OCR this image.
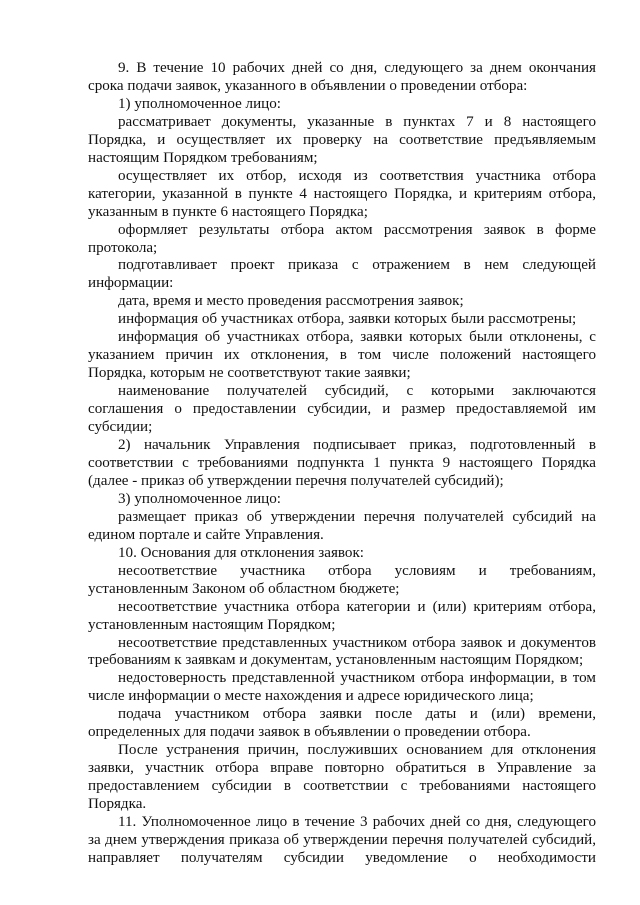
9. В течение 10 рабочих дней со дня, следующего за днем окончания срока подачи заявок, указанного в объявлении о проведении отбора:

1) уполномоченное лицо:

рассматривает документы, указанные в пунктах 7 и 8 настоящего Порядка, и осуществляет их проверку на соответствие предъявляемым настоящим Порядком требованиям;

осуществляет их отбор, исходя из соответствия участника отбора категории, указанной в пункте 4 настоящего Порядка, и критериям отбора, указанным в пункте 6 настоящего Порядка;

оформляет результаты отбора актом рассмотрения заявок в форме протокола;

подготавливает проект приказа с отражением в нем следующей информации:

дата, время и место проведения рассмотрения заявок;

информация об участниках отбора, заявки которых были рассмотрены;

информация об участниках отбора, заявки которых были отклонены, с указанием причин их отклонения, в том числе положений настоящего Порядка, которым не соответствуют такие заявки;

наименование получателей субсидий, с которыми заключаются соглашения о предоставлении субсидии, и размер предоставляемой им субсидии;

2) начальник Управления подписывает приказ, подготовленный в соответствии с требованиями подпункта 1 пункта 9 настоящего Порядка (далее - приказ об утверждении перечня получателей субсидий);

3) уполномоченное лицо:

размещает приказ об утверждении перечня получателей субсидий на едином портале и сайте Управления.

10. Основания для отклонения заявок:

несоответствие участника отбора условиям и требованиям, установленным Законом об областном бюджете;

несоответствие участника отбора категории и (или) критериям отбора, установленным настоящим Порядком;

несоответствие представленных участником отбора заявок и документов требованиям к заявкам и документам, установленным настоящим Порядком;

недостоверность представленной участником отбора информации, в том числе информации о месте нахождения и адресе юридического лица;

подача участником отбора заявки после даты и (или) времени, определенных для подачи заявок в объявлении о проведении отбора.

После устранения причин, послуживших основанием для отклонения заявки, участник отбора вправе повторно обратиться в Управление за предоставлением субсидии в соответствии с требованиями настоящего Порядка.

11. Уполномоченное лицо в течение 3 рабочих дней со дня, следующего за днем утверждения приказа об утверждении перечня получателей субсидий, направляет получателям субсидии уведомление о необходимости
